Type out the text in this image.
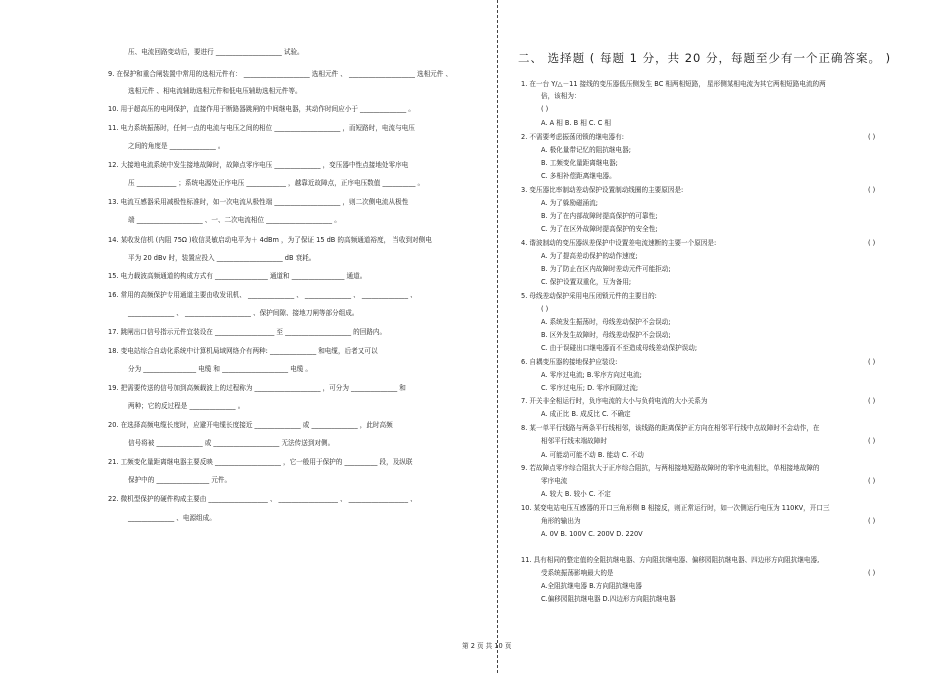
压、电流回路变动后，要进行 ____________________ 试验。
9. 在保护和重合闸装置中常用的选相元件有： ____________________ 选相元件 、 ____________________ 选相元件 、
选相元件 、相电流辅助选相元件和低电压辅助选相元件等。
10. 用于超高压的电网保护，直接作用于断路器跳闸的中间继电器，其动作时间应小于 ______________ 。
11. 电力系统振荡时，任何一点的电流与电压之间的相位 ____________________ ，而短路时，电流与电压
之间的角度是 ______________ 。
12. 大接地电流系统中发生接地故障时，故障点零序电压 ______________ ，变压器中性点接地处零序电
压 ____________ ；系统电源处正序电压 ____________ ，越靠近故障点，正序电压数值 __________ 。
13. 电流互感器采用减极性标准时，如一次电流从极性端 ____________________ ，则二次侧电流从极性
端 ____________________ 、一、二次电流相位 ____________________ 。
14. 某收发信机 (内阻 75Ω )收信灵敏启动电平为＋ 4dBm ，为了保证 15 dB 的高频通道裕度， 当收到对侧电
平为 20 dBv 时，装置应投入 ____________________ dB 衰耗。
15. 电力载波高频通道的构成方式有 ________________ 通道和 ________________ 通道。
16. 常用的高频保护专用通道主要由收发讯机、 ______________ 、 ______________ 、 ______________ 、
______________ 、 ____________________ 、保护间隙、接地刀闸等部分组成。
17. 跳闸出口信号指示元件宜装设在 __________________ 至 ____________________ 的回路内。
18. 变电站综合自动化系统中计算机局域网络介有两种: ______________ 和电缆，后者又可以
分为 ________________ 电缆 和 ____________________ 电缆 。
19. 把需要传送的信号加到高频载波上的过程称为 ____________________ ，可分为 ______________ 和
两种；它的反过程是 ______________ 。
20. 在选择高频电缆长度时，应避开电缆长度接近 ______________ 或 ______________ ，此时高频
信号将被 ______________ 或 ____________________ 无法传送到对侧。
21. 工频变化量距离继电器主要反映 ____________________ ，它一般用于保护的 __________ 段，及纵联
保护中的 ________________ 元件。
22. 微机型保护的硬件构成主要由 __________________ 、 __________________ 、 __________________ 、
______________ 、电源组成。
二、 选择题 ( 每题 1 分，共 20 分，每题至少有一个正确答案。 )
1. 在一台 Y/△－11 接线的变压器低压侧发生 BC 相两相短路， 星形侧某相电流为其它两相短路电流的两
倍，该相为：
( )
A. A 相 B. B 相 C. C 相
2. 不需要考虑振荡闭锁的继电器有:
A. 极化量带记忆的阻抗继电器;
B. 工频变化量距离继电器;
C. 多相补偿距离继电器。
3. 变压器比率制动差动保护设置制动线圈的主要原因是:
A. 为了躲励磁涌流;
B. 为了在内部故障时提高保护的可靠性;
C. 为了在区外故障时提高保护的安全性;
4. 谐波制动的变压器纵差保护中设置差电流速断的主要一个原因是:
A. 为了提高差动保护的动作速度;
B. 为了防止在区内故障时差动元件可能拒动;
C. 保护设置双重化，互为备用;
5. 母线差动保护采用电压闭锁元件的主要目的:
( )
A. 系统发生振荡时，母线差动保护不会误动;
B. 区外发生故障时，母线差动保护不会误动;
C. 由于误碰出口继电器而不至造成母线差动保护误动;
6. 自耦变压器的接地保护应装设:
A. 零序过电流; B.零序方向过电流;
C. 零序过电压; D. 零序间隙过流;
7. 开关非全相运行时，负序电流的大小与负荷电流的大小关系为
A. 成正比 B. 成反比 C. 不确定
8. 某一单平行线路与两条平行线相邻，该线路的距离保护正方向在相邻平行线中点故障时不会动作，在
相邻平行线末端故障时
A. 可能动可能不动 B. 能动 C. 不动
9. 若故障点零序综合阻抗大于正序综合阻抗，与两相接地短路故障时的零序电流相比，单相接地故障的
零序电流
A. 较大 B. 较小 C. 不定
10. 某变电站电压互感器的开口三角形侧 B 相接反，则正常运行时，如一次侧运行电压为 110KV，开口三
角形的输出为
A. 0V B. 100V C. 200V D. 220V
11. 具有相同的整定值的全阻抗继电器、方向阻抗继电器、偏移园阻抗继电器、四边形方向阻抗继电器,
受系统振荡影响最大的是
A.全阻抗继电器 B.方向阻抗继电器
C.偏移园阻抗继电器 D.四边形方向阻抗继电器
( )
( )
( )
( )
( )
( )
( )
( )
( )
第 2 页 共 10 页
